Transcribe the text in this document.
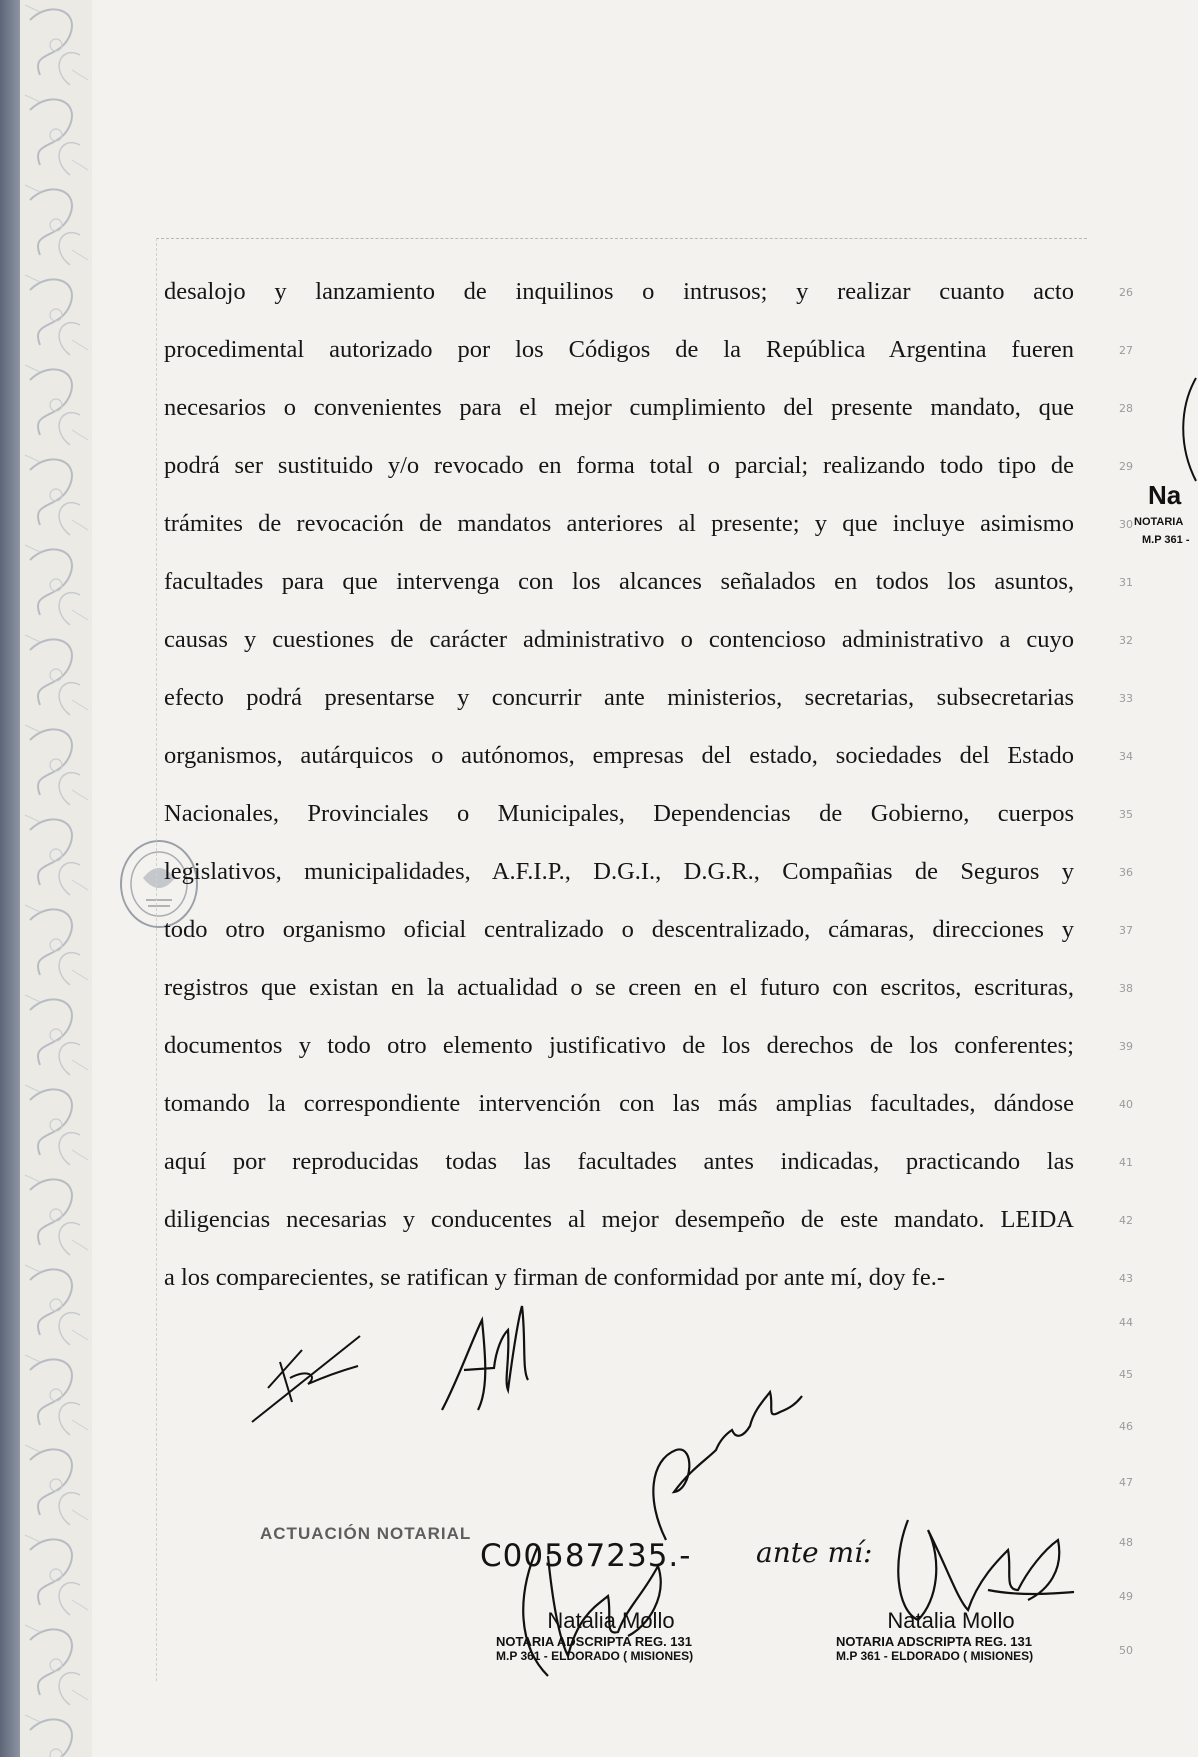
desalojo y lanzamiento de inquilinos o intrusos; y realizar cuanto acto
procedimental autorizado por los Códigos de la República Argentina fueren
necesarios o convenientes para el mejor cumplimiento del presente mandato, que
podrá ser sustituido y/o revocado en forma total o parcial; realizando todo tipo de
trámites de revocación de mandatos anteriores al presente; y que incluye asimismo
facultades para que intervenga con los alcances señalados en todos los asuntos,
causas y cuestiones de carácter administrativo o contencioso administrativo a cuyo
efecto podrá presentarse y concurrir ante ministerios, secretarias, subsecretarias
organismos, autárquicos o autónomos, empresas del estado, sociedades del Estado
Nacionales, Provinciales o Municipales, Dependencias de Gobierno, cuerpos
legislativos, municipalidades, A.F.I.P., D.G.I., D.G.R., Compañias de Seguros y
todo otro organismo oficial centralizado o descentralizado, cámaras, direcciones y
registros que existan en la actualidad o se creen en el futuro con escritos, escrituras,
documentos y todo otro elemento justificativo de los derechos de los conferentes;
tomando la correspondiente intervención con las más amplias facultades, dándose
aquí por reproducidas todas las facultades antes indicadas, practicando las
diligencias necesarias y conducentes al mejor desempeño de este mandato. LEIDA
a los comparecientes, se ratifican y firman de conformidad por ante mí, doy fe.-
26
27
28
29
30
31
32
33
34
35
36
37
38
39
40
41
42
43
44
45
46
47
48
49
50
Na
NOTARIA
M.P 361 -
ACTUACIÓN NOTARIAL
C00587235.- ante mí:
Natalia Mollo
NOTARIA ADSCRIPTA REG. 131
M.P 361 - ELDORADO ( MISIONES)
Natalia Mollo
NOTARIA ADSCRIPTA REG. 131
M.P 361 - ELDORADO ( MISIONES)
